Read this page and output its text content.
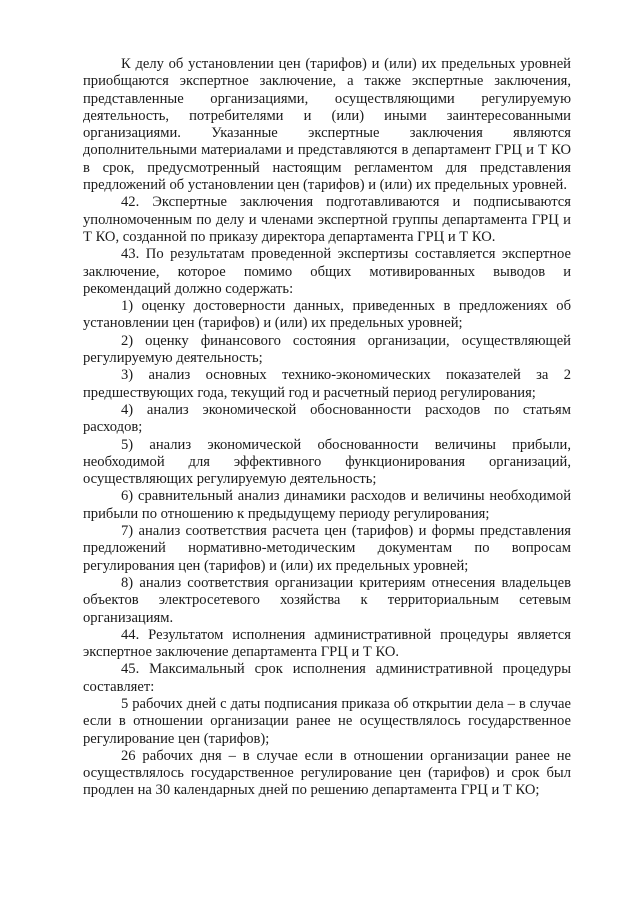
К делу об установлении цен (тарифов) и (или) их предельных уровней приобщаются экспертное заключение, а также экспертные заключения, представленные организациями, осуществляющими регулируемую деятельность, потребителями и (или) иными заинтересованными организациями. Указанные экспертные заключения являются дополнительными материалами и представляются в департамент ГРЦ и Т КО в срок, предусмотренный настоящим регламентом для представления предложений об установлении цен (тарифов) и (или) их предельных уровней.

42. Экспертные заключения подготавливаются и подписываются уполномоченным по делу и членами экспертной группы департамента ГРЦ и Т КО, созданной по приказу директора департамента ГРЦ и Т КО.

43. По результатам проведенной экспертизы составляется экспертное заключение, которое помимо общих мотивированных выводов и рекомендаций должно содержать:

1) оценку достоверности данных, приведенных в предложениях об установлении цен (тарифов) и (или) их предельных уровней;

2) оценку финансового состояния организации, осуществляющей регулируемую деятельность;

3) анализ основных технико-экономических показателей за 2 предшествующих года, текущий год и расчетный период регулирования;

4) анализ экономической обоснованности расходов по статьям расходов;

5) анализ экономической обоснованности величины прибыли, необходимой для эффективного функционирования организаций, осуществляющих регулируемую деятельность;

6) сравнительный анализ динамики расходов и величины необходимой прибыли по отношению к предыдущему периоду регулирования;

7) анализ соответствия расчета цен (тарифов) и формы представления предложений нормативно-методическим документам по вопросам регулирования цен (тарифов) и (или) их предельных уровней;

8) анализ соответствия организации критериям отнесения владельцев объектов электросетевого хозяйства к территориальным сетевым организациям.

44. Результатом исполнения административной процедуры является экспертное заключение департамента ГРЦ и Т КО.

45. Максимальный срок исполнения административной процедуры составляет:

5 рабочих дней с даты подписания приказа об открытии дела – в случае если в отношении организации ранее не осуществлялось государственное регулирование цен (тарифов);

26 рабочих дня – в случае если в отношении организации ранее не осуществлялось государственное регулирование цен (тарифов) и срок был продлен на 30 календарных дней по решению департамента ГРЦ и Т КО;
